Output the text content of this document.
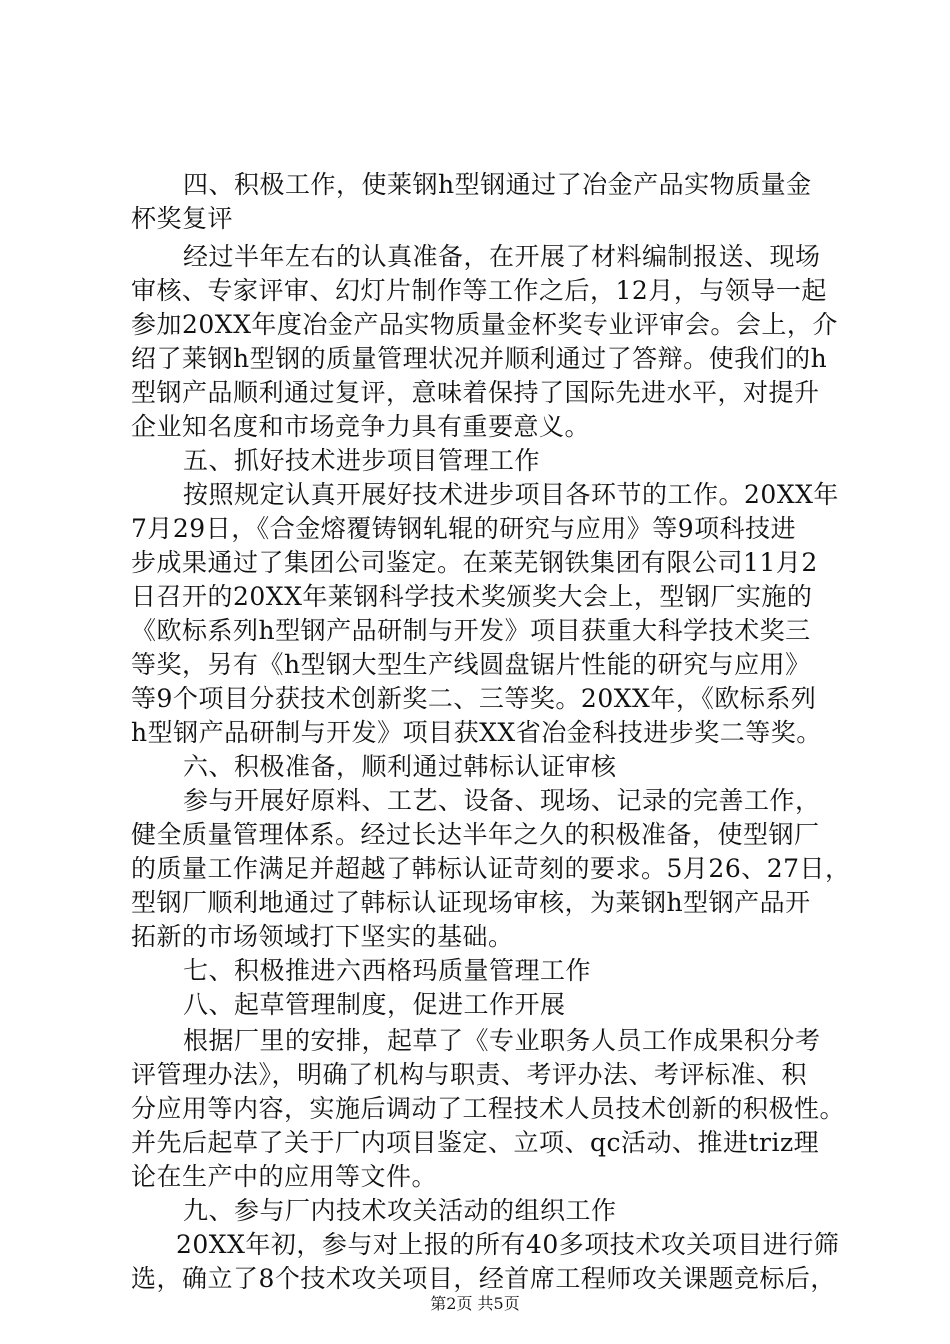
四、积极工作，使莱钢h型钢通过了冶金产品实物质量金
杯奖复评
经过半年左右的认真准备，在开展了材料编制报送、现场
审核、专家评审、幻灯片制作等工作之后，12月，与领导一起
参加20XX年度冶金产品实物质量金杯奖专业评审会。会上，介
绍了莱钢h型钢的质量管理状况并顺利通过了答辩。使我们的h
型钢产品顺利通过复评，意味着保持了国际先进水平，对提升
企业知名度和市场竞争力具有重要意义。
五、抓好技术进步项目管理工作
按照规定认真开展好技术进步项目各环节的工作。20XX年
7月29日，《合金熔覆铸钢轧辊的研究与应用》等9项科技进
步成果通过了集团公司鉴定。在莱芜钢铁集团有限公司11月2
日召开的20XX年莱钢科学技术奖颁奖大会上，型钢厂实施的
《欧标系列h型钢产品研制与开发》项目获重大科学技术奖三
等奖，另有《h型钢大型生产线圆盘锯片性能的研究与应用》
等9个项目分获技术创新奖二、三等奖。20XX年，《欧标系列
h型钢产品研制与开发》项目获XX省冶金科技进步奖二等奖。
六、积极准备，顺利通过韩标认证审核
参与开展好原料、工艺、设备、现场、记录的完善工作，
健全质量管理体系。经过长达半年之久的积极准备，使型钢厂
的质量工作满足并超越了韩标认证苛刻的要求。5月26、27日，
型钢厂顺利地通过了韩标认证现场审核，为莱钢h型钢产品开
拓新的市场领域打下坚实的基础。
七、积极推进六西格玛质量管理工作
八、起草管理制度，促进工作开展
根据厂里的安排，起草了《专业职务人员工作成果积分考
评管理办法》，明确了机构与职责、考评办法、考评标准、积
分应用等内容，实施后调动了工程技术人员技术创新的积极性。
并先后起草了关于厂内项目鉴定、立项、qc活动、推进triz理
论在生产中的应用等文件。
九、参与厂内技术攻关活动的组织工作
20XX年初，参与对上报的所有40多项技术攻关项目进行筛
选，确立了8个技术攻关项目，经首席工程师攻关课题竞标后，
第2页 共5页
